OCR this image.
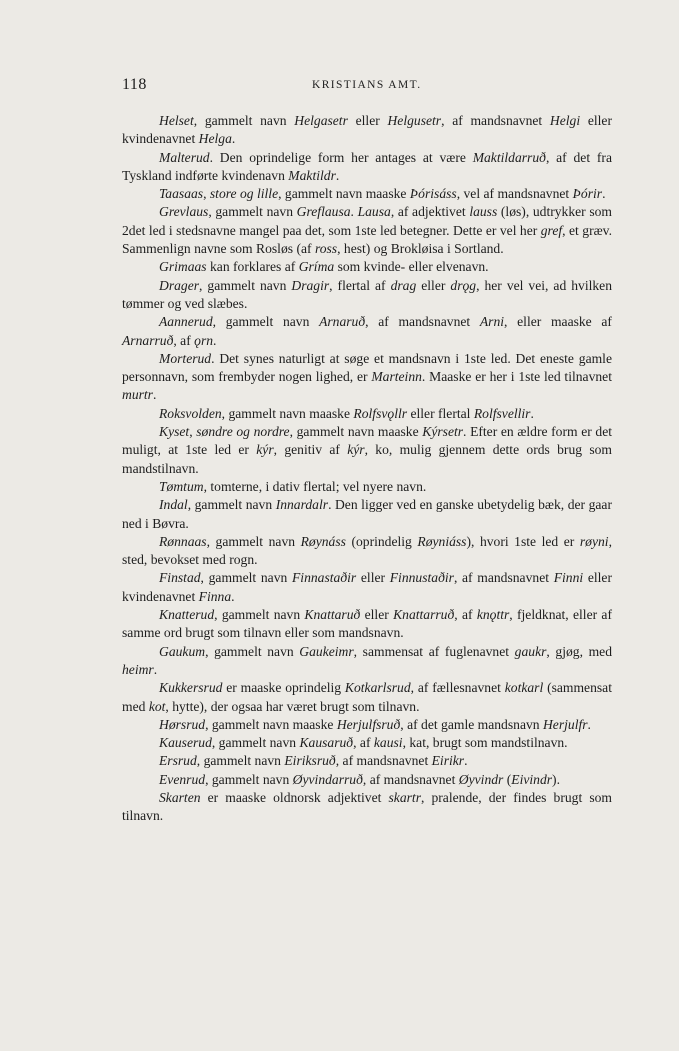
118	KRISTIANS AMT.

Helset, gammelt navn Helgasetr eller Helgusetr, af mandsnavnet Helgi eller kvindenavnet Helga.

Malterud. Den oprindelige form her antages at være Maktildarruð, af det fra Tyskland indførte kvindenavn Maktildr.

Taasaas, store og lille, gammelt navn maaske Þórisáss, vel af mandsnavnet Þórir.

Grevlaus, gammelt navn Greflausa. Lausa, af adjektivet lauss (løs), udtrykker som 2det led i stedsnavne mangel paa det, som 1ste led betegner. Dette er vel her gref, et græv. Sammenlign navne som Rosløs (af ross, hest) og Brokløisa i Sortland.

Grimaas kan forklares af Gríma som kvinde- eller elvenavn.

Drager, gammelt navn Dragir, flertal af drag eller drǫg, her vel vei, ad hvilken tømmer og ved slæbes.

Aannerud, gammelt navn Arnaruð, af mandsnavnet Arni, eller maaske af Arnarruð, af ǫrn.

Morterud. Det synes naturligt at søge et mandsnavn i 1ste led. Det eneste gamle personnavn, som frembyder nogen lighed, er Marteinn. Maaske er her i 1ste led tilnavnet murtr.

Roksvolden, gammelt navn maaske Rolfsvǫllr eller flertal Rolfsvellir.

Kyset, søndre og nordre, gammelt navn maaske Kýrsetr. Efter en ældre form er det muligt, at 1ste led er kýr, genitiv af kýr, ko, mulig gjennem dette ords brug som mandstilnavn.

Tømtum, tomterne, i dativ flertal; vel nyere navn.

Indal, gammelt navn Innardalr. Den ligger ved en ganske ubetydelig bæk, der gaar ned i Bøvra.

Rønnaas, gammelt navn Røynáss (oprindelig Røyniáss), hvori 1ste led er røyni, sted, bevokset med rogn.

Finstad, gammelt navn Finnastaðir eller Finnustaðir, af mandsnavnet Finni eller kvindenavnet Finna.

Knatterud, gammelt navn Knattaruð eller Knattarruð, af knǫttr, fjeldknat, eller af samme ord brugt som tilnavn eller som mandsnavn.

Gaukum, gammelt navn Gaukeimr, sammensat af fuglenavnet gaukr, gjøg, med heimr.

Kukkersrud er maaske oprindelig Kotkarlsrud, af fællesnavnet kotkarl (sammensat med kot, hytte), der ogsaa har været brugt som tilnavn.

Hørsrud, gammelt navn maaske Herjulfsruð, af det gamle mandsnavn Herjulfr.

Kauserud, gammelt navn Kausaruð, af kausi, kat, brugt som mandstilnavn.

Ersrud, gammelt navn Eiriksruð, af mandsnavnet Eirikr.

Evenrud, gammelt navn Øyvindarruð, af mandsnavnet Øyvindr (Eivindr).

Skarten er maaske oldnorsk adjektivet skartr, pralende, der findes brugt som tilnavn.
